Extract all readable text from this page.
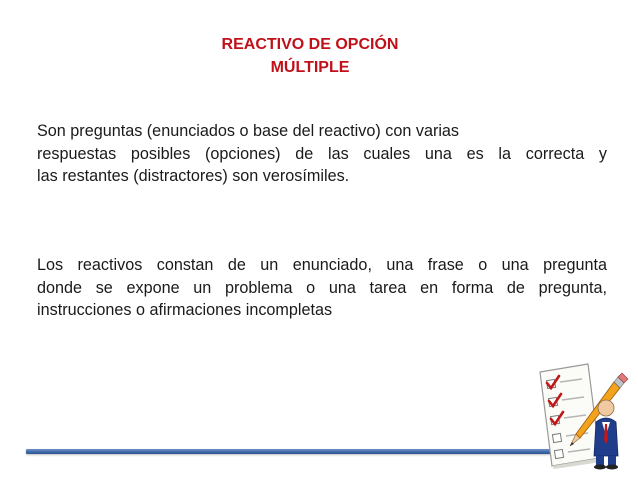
REACTIVO DE OPCIÓN
MÚLTIPLE

Son preguntas (enunciados o base del reactivo) con varias
respuestas posibles (opciones) de las cuales una es la correcta y
las restantes (distractores) son verosímiles.

Los reactivos constan de un enunciado, una frase o una pregunta
donde se expone un problema o una tarea en forma de pregunta,
instrucciones o afirmaciones incompletas
